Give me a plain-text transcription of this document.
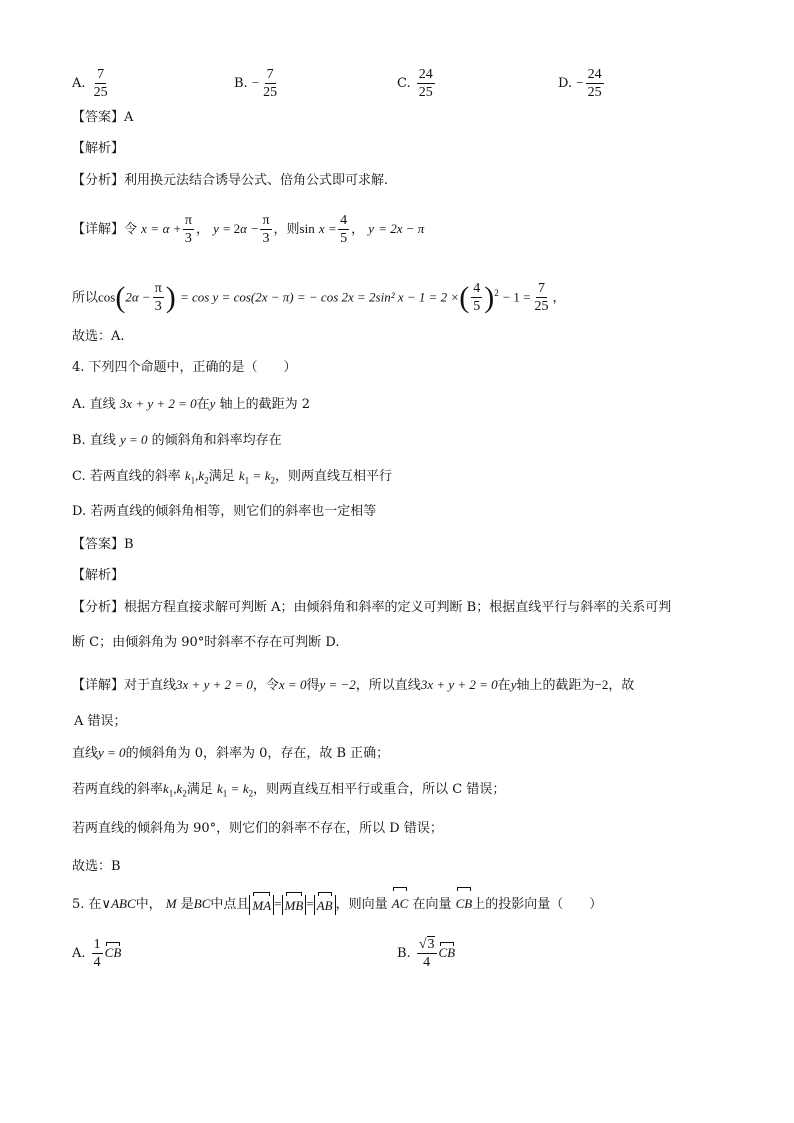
A. $\frac{7}{25}$	B. − $\frac{7}{25}$	C. $\frac{24}{25}$	D. − $\frac{24}{25}$
【答案】A
【解析】
【分析】利用换元法结合诱导公式、倍角公式即可求解.
【详解】令 $x = \alpha + \frac{\pi}{3}$ ， $y = 2\alpha - \frac{\pi}{3}$ ，则$\sin x = \frac{4}{5}$ ， y = 2x − π
所以$\cos(2\alpha - \frac{\pi}{3}$ ) = cos y = cos(2x − π) = − cos 2x = 2sin² x − 1 = 2 ×( $\frac{4}{5} )^2 - 1 = \frac{7}{25}$ ，
故选：A.
4. 下列四个命题中，正确的是（　　）
A. 直线 3x + y + 2 = 0在y 轴上的截距为 2
B. 直线 y = 0 的倾斜角和斜率均存在
C. 若两直线的斜率 $k_1,k_2$满足 $k_1 = k_2$，则两直线互相平行
D. 若两直线的倾斜角相等，则它们的斜率也一定相等
【答案】B
【解析】
【分析】根据方程直接求解可判断 A；由倾斜角和斜率的定义可判断 B；根据直线平行与斜率的关系可判
断 C；由倾斜角为 90°时斜率不存在可判断 D.
【详解】对于直线3x + y + 2 = 0，令x = 0得y = −2，所以直线3x + y + 2 = 0在y轴上的截距为−2，故
A 错误；
直线y = 0的倾斜角为 0，斜率为 0，存在，故 B 正确；
若两直线的斜率$k_1,k_2$满足 $k_1 = k_2$，则两直线互相平行或重合，所以 C 错误；
若两直线的倾斜角为 90°，则它们的斜率不存在，所以 D 错误；
故选：B
5. 在∨ABC中， M 是BC中点且 MA = MB = AB ，则向量 AC 在向量 CB上的投影向量（　　）
A. $\frac{1}{4}$ CB	B. $\frac{√3}{4}$ CB
